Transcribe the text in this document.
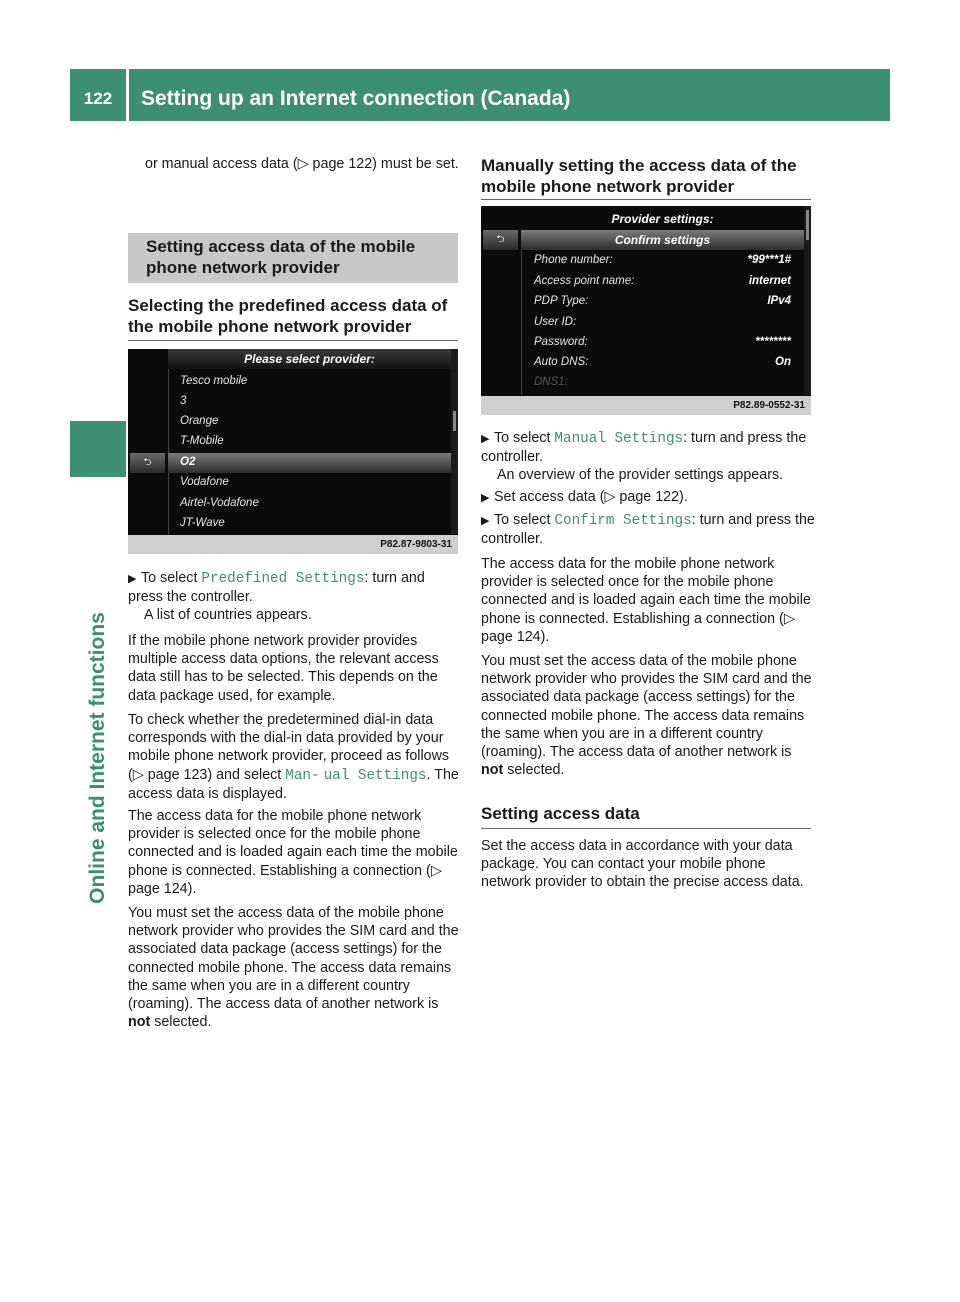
122	Setting up an Internet connection (Canada)
Online and Internet functions
or manual access data (▷ page 122) must be set.
Setting access data of the mobile phone network provider
Selecting the predefined access data of the mobile phone network provider
Please select provider:
⮌
Tesco mobile
3
Orange
T-Mobile
O2
Vodafone
Airtel-Vodafone
JT-Wave
P82.87-9803-31
▶ To select Predefined Settings: turn and press the controller.
A list of countries appears.
If the mobile phone network provider provides multiple access data options, the relevant access data still has to be selected. This depends on the data package used, for example.
To check whether the predetermined dial-in data corresponds with the dial-in data provided by your mobile phone network provider, proceed as follows (▷ page 123) and select Man‐ ual Settings. The access data is displayed.
The access data for the mobile phone network provider is selected once for the mobile phone connected and is loaded again each time the mobile phone is connected. Establishing a connection (▷ page 124).
You must set the access data of the mobile phone network provider who provides the SIM card and the associated data package (access settings) for the connected mobile phone. The access data remains the same when you are in a different country (roaming). The access data of another network is not selected.
Manually setting the access data of the mobile phone network provider
Provider settings:
Confirm settings
⮌
Phone number:	*99***1#
Access point name:	internet
PDP Type:	IPv4
User ID:
Password:	********
Auto DNS:	On
DNS1:
P82.89-0552-31
▶ To select Manual Settings: turn and press the controller.
An overview of the provider settings appears.
▶ Set access data (▷ page 122).
▶ To select Confirm Settings: turn and press the controller.
The access data for the mobile phone network provider is selected once for the mobile phone connected and is loaded again each time the mobile phone is connected. Establishing a connection (▷ page 124).
You must set the access data of the mobile phone network provider who provides the SIM card and the associated data package (access settings) for the connected mobile phone. The access data remains the same when you are in a different country (roaming). The access data of another network is not selected.
Setting access data
Set the access data in accordance with your data package. You can contact your mobile phone network provider to obtain the precise access data.
